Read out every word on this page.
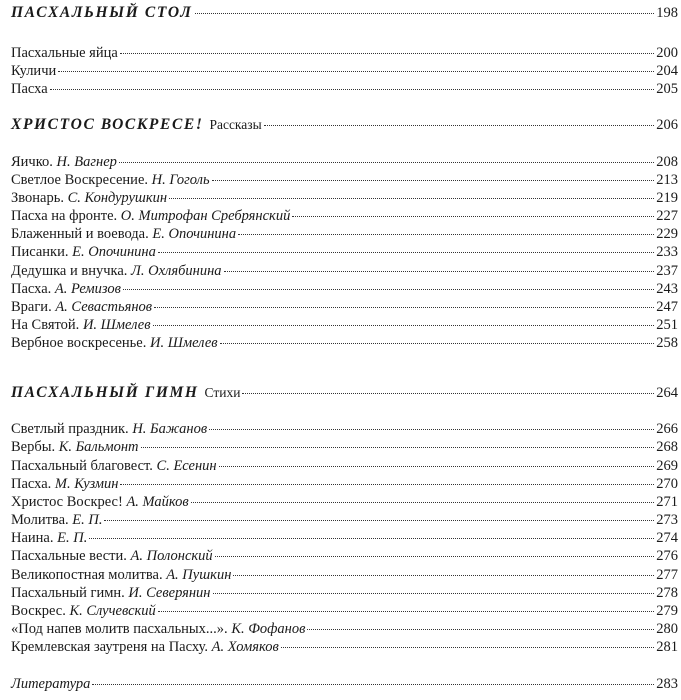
ПАСХАЛЬНЫЙ СТОЛ	198
Пасхальные яйца	200
Куличи	204
Пасха	205
ХРИСТОС ВОСКРЕСЕ! Рассказы	206
Яичко. Н. Вагнер	208
Светлое Воскресение. Н. Гоголь	213
Звонарь. С. Кондурушкин	219
Пасха на фронте. О. Митрофан Сребрянский	227
Блаженный и воевода. Е. Опочинина	229
Писанки. Е. Опочинина	233
Дедушка и внучка. Л. Охлябинина	237
Пасха. А. Ремизов	243
Враги. А. Севастьянов	247
На Святой. И. Шмелев	251
Вербное воскресенье. И. Шмелев	258
ПАСХАЛЬНЫЙ ГИМН Стихи	264
Светлый праздник. Н. Бажанов	266
Вербы. К. Бальмонт	268
Пасхальный благовест. С. Есенин	269
Пасха. М. Кузмин	270
Христос Воскрес! А. Майков	271
Молитва. Е. П.	273
Наина. Е. П.	274
Пасхальные вести. А. Полонский	276
Великопостная молитва. А. Пушкин	277
Пасхальный гимн. И. Северянин	278
Воскрес. К. Случевский	279
«Под напев молитв пасхальных...». К. Фофанов	280
Кремлевская заутреня на Пасху. А. Хомяков	281
Литература	283
